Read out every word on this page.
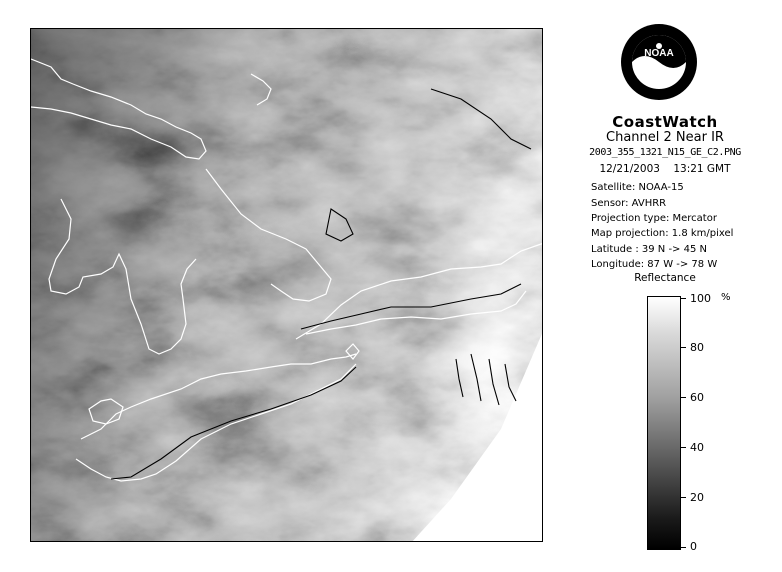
NOAA
CoastWatch
Channel 2 Near IR
2003_355_1321_N15_GE_C2.PNG
12/21/2003 13:21 GMT
Satellite: NOAA-15
Sensor: AVHRR
Projection type: Mercator
Map projection: 1.8 km/pixel
Latitude : 39 N -> 45 N
Longitude: 87 W -> 78 W
Reflectance
%
100
80
60
40
20
0
